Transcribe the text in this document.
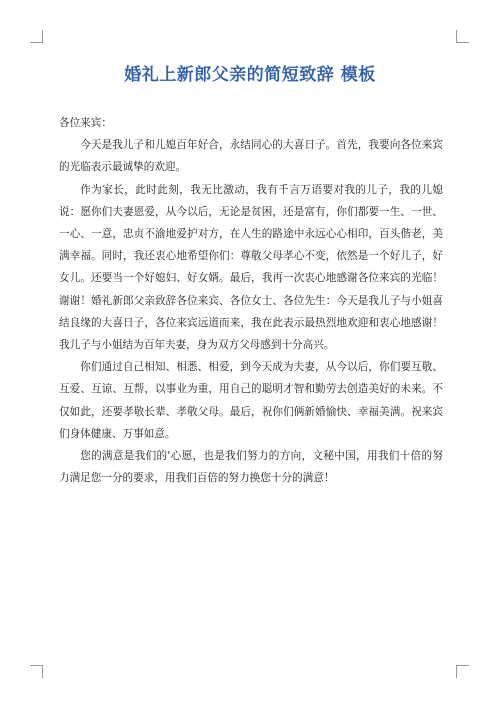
婚礼上新郎父亲的简短致辞 模板

各位来宾：

今天是我儿子和儿媳百年好合，永结同心的大喜日子。首先，我要向各位来宾的光临表示最诚挚的欢迎。

作为家长，此时此刻，我无比激动，我有千言万语要对我的儿子，我的儿媳说：愿你们夫妻恩爱，从今以后，无论是贫困，还是富有，你们都要一生、一世、一心、一意，忠贞不渝地爱护对方，在人生的路途中永远心心相印，百头偕老，美满幸福。同时，我还衷心地希望你们：尊敬父母孝心不变，依然是一个好儿子，好女儿。还要当一个好媳妇、好女婿。最后，我再一次衷心地感谢各位来宾的光临！谢谢！婚礼新郎父亲致辞各位来宾、各位女士、各位先生：今天是我儿子与小姐喜结良缘的大喜日子，各位来宾远道而来，我在此表示最热烈地欢迎和衷心地感谢！我儿子与小姐结为百年夫妻，身为双方父母感到十分高兴。

你们通过自己相知、相悉、相爱，到今天成为夫妻，从今以后，你们要互敬、互爱、互谅、互帮，以事业为重，用自己的聪明才智和勤劳去创造美好的未来。不仅如此，还要孝敬长辈、孝敬父母。最后，祝你们俩新婚愉快、幸福美满。祝来宾们身体健康、万事如意。

您的满意是我们的'心愿，也是我们努力的方向，文秘中国，用我们十倍的努力满足您一分的要求，用我们百倍的努力换您十分的满意！
